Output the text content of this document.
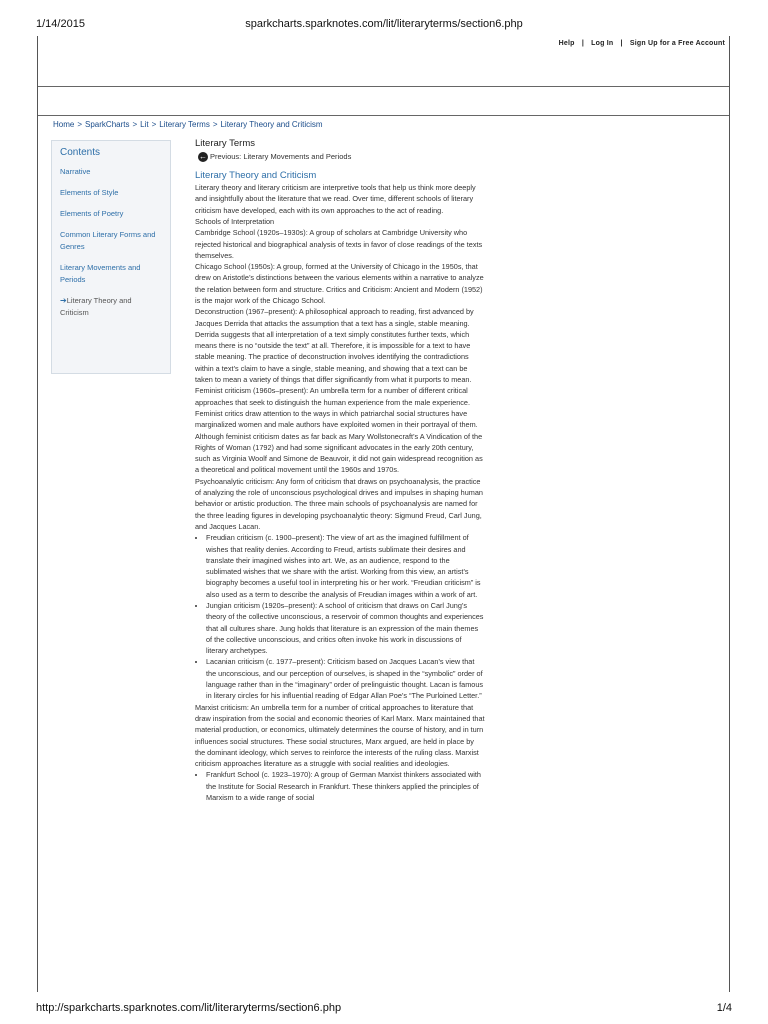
1/14/2015	sparkcharts.sparknotes.com/lit/literaryterms/section6.php
Help | Log In | Sign Up for a Free Account
Home > SparkCharts > Lit > Literary Terms > Literary Theory and Criticism
Contents
Narrative
Elements of Style
Elements of Poetry
Common Literary Forms and Genres
Literary Movements and Periods
➔Literary Theory and Criticism
Literary Terms
← Previous: Literary Movements and Periods
Literary Theory and Criticism

Literary theory and literary criticism are interpretive tools that help us think more deeply and insightfully about the literature that we read. Over time, different schools of literary criticism have developed, each with its own approaches to the act of reading.

Schools of Interpretation

Cambridge School (1920s–1930s): A group of scholars at Cambridge University who rejected historical and biographical analysis of texts in favor of close readings of the texts themselves.

Chicago School (1950s): A group, formed at the University of Chicago in the 1950s, that drew on Aristotle’s distinctions between the various elements within a narrative to analyze the relation between form and structure. Critics and Criticism: Ancient and Modern (1952) is the major work of the Chicago School.

Deconstruction (1967–present): A philosophical approach to reading, first advanced by Jacques Derrida that attacks the assumption that a text has a single, stable meaning. Derrida suggests that all interpretation of a text simply constitutes further texts, which means there is no “outside the text” at all. Therefore, it is impossible for a text to have stable meaning. The practice of deconstruction involves identifying the contradictions within a text’s claim to have a single, stable meaning, and showing that a text can be taken to mean a variety of things that differ significantly from what it purports to mean.

Feminist criticism (1960s–present): An umbrella term for a number of different critical approaches that seek to distinguish the human experience from the male experience. Feminist critics draw attention to the ways in which patriarchal social structures have marginalized women and male authors have exploited women in their portrayal of them. Although feminist criticism dates as far back as Mary Wollstonecraft’s A Vindication of the Rights of Woman (1792) and had some significant advocates in the early 20th century, such as Virginia Woolf and Simone de Beauvoir, it did not gain widespread recognition as a theoretical and political movement until the 1960s and 1970s.

Psychoanalytic criticism: Any form of criticism that draws on psychoanalysis, the practice of analyzing the role of unconscious psychological drives and impulses in shaping human behavior or artistic production. The three main schools of psychoanalysis are named for the three leading figures in developing psychoanalytic theory: Sigmund Freud, Carl Jung, and Jacques Lacan.

• Freudian criticism (c. 1900–present): The view of art as the imagined fulfillment of wishes that reality denies. According to Freud, artists sublimate their desires and translate their imagined wishes into art. We, as an audience, respond to the sublimated wishes that we share with the artist. Working from this view, an artist’s biography becomes a useful tool in interpreting his or her work. “Freudian criticism” is also used as a term to describe the analysis of Freudian images within a work of art.
• Jungian criticism (1920s–present): A school of criticism that draws on Carl Jung’s theory of the collective unconscious, a reservoir of common thoughts and experiences that all cultures share. Jung holds that literature is an expression of the main themes of the collective unconscious, and critics often invoke his work in discussions of literary archetypes.
• Lacanian criticism (c. 1977–present): Criticism based on Jacques Lacan’s view that the unconscious, and our perception of ourselves, is shaped in the “symbolic” order of language rather than in the “imaginary” order of prelinguistic thought. Lacan is famous in literary circles for his influential reading of Edgar Allan Poe’s “The Purloined Letter.”

Marxist criticism: An umbrella term for a number of critical approaches to literature that draw inspiration from the social and economic theories of Karl Marx. Marx maintained that material production, or economics, ultimately determines the course of history, and in turn influences social structures. These social structures, Marx argued, are held in place by the dominant ideology, which serves to reinforce the interests of the ruling class. Marxist criticism approaches literature as a struggle with social realities and ideologies.

• Frankfurt School (c. 1923–1970): A group of German Marxist thinkers associated with the Institute for Social Research in Frankfurt. These thinkers applied the principles of Marxism to a wide range of social
http://sparkcharts.sparknotes.com/lit/literaryterms/section6.php	1/4
